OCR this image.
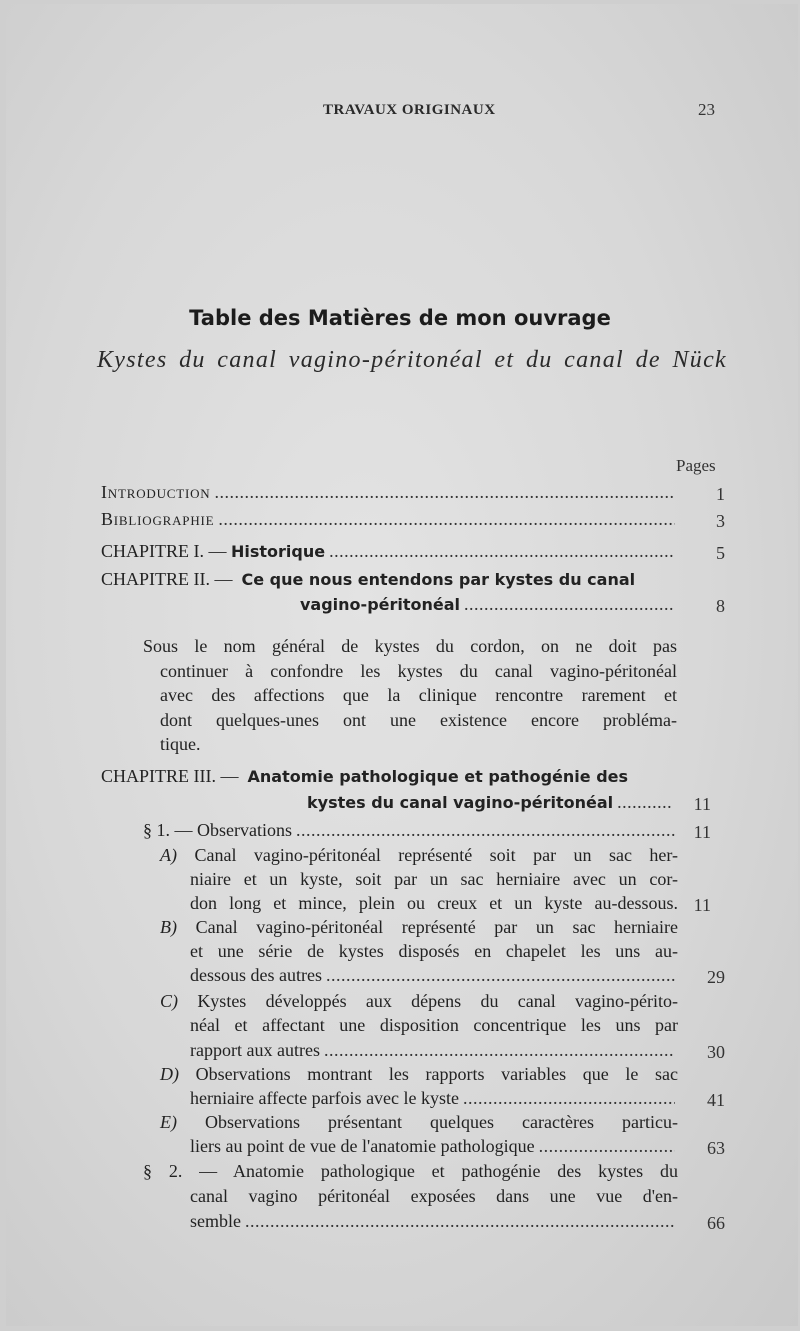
TRAVAUX ORIGINAUX	23
Table des Matières de mon ouvrage
Kystes du canal vagino-péritonéal et du canal de Nück
Pages
Introduction . . .	1
Bibliographie . . .	3
CHAPITRE I. —
Historique . . .	5
CHAPITRE II. —  Ce que nous entendons par kystes du canal
vagino-péritonéal . . .	8
Sous le nom général de kystes du cordon, on ne doit pas
continuer à confondre les kystes du canal vagino-péritonéal
avec des affections que la clinique rencontre rarement et
dont quelques-unes ont une existence encore probléma-
tique.
CHAPITRE III. —  Anatomie pathologique et pathogénie des
kystes du canal vagino-péritonéal . . .	11
§ 1. — Observations . . .	11
A) Canal vagino-péritonéal représenté soit par un sac her-
niaire et un kyste, soit par un sac herniaire avec un cor-
don long et mince, plein ou creux et un kyste au-dessous. 11
B) Canal vagino-péritonéal représenté par un sac herniaire
et une série de kystes disposés en chapelet les uns au-
dessous des autres . . .	29
C) Kystes développés aux dépens du canal vagino-périto-
néal et affectant une disposition concentrique les uns par
rapport aux autres . . .	30
D) Observations montrant les rapports variables que le sac
herniaire affecte parfois avec le kyste . . .	41
E) Observations présentant quelques caractères particu-
liers au point de vue de l'anatomie pathologique . . .	63
§ 2. — Anatomie pathologique et pathogénie des kystes du
canal vagino péritonéal exposées dans une vue d'en-
semble . . .	66
